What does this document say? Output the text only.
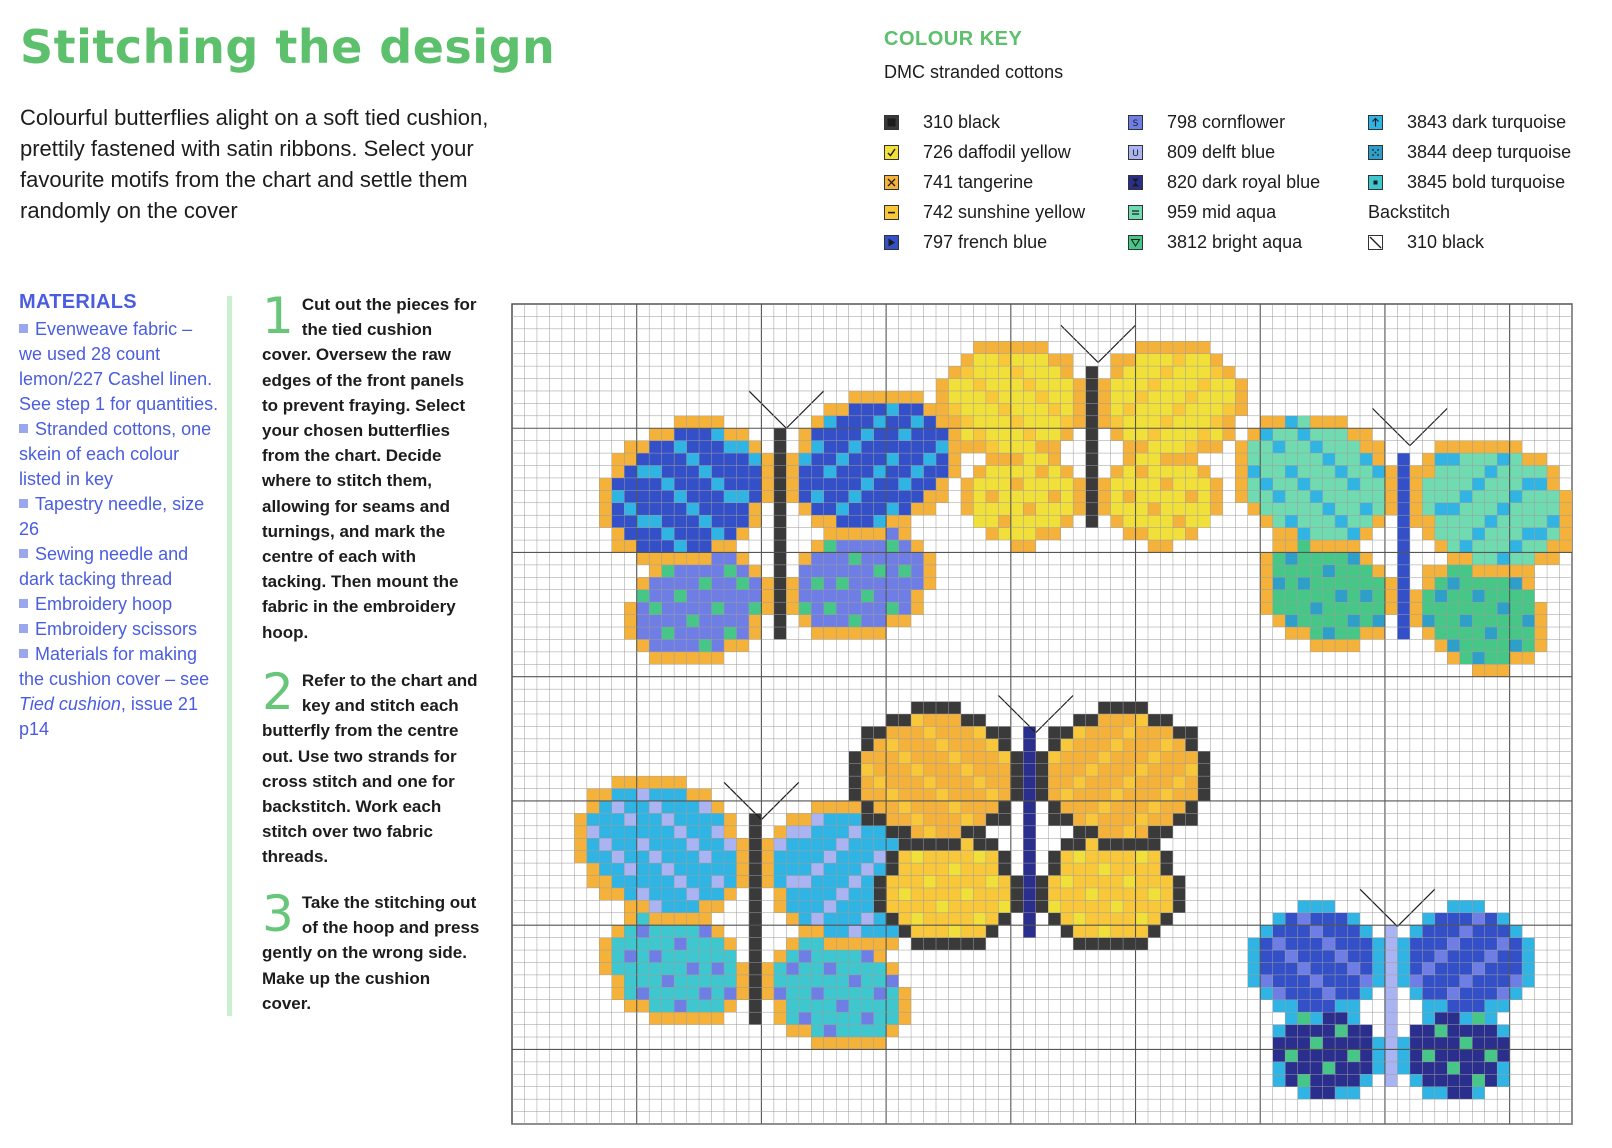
Stitching the design

Colourful butterflies alight on a soft tied cushion, prettily fastened with satin ribbons. Select your favourite motifs from the chart and settle them randomly on the cover

COLOUR KEY

DMC stranded cottons

310 black
726 daffodil yellow
741 tangerine
742 sunshine yellow
797 french blue
S 798 cornflower
U 809 delft blue
820 dark royal blue
959 mid aqua
3812 bright aqua
3843 dark turquoise
3844 deep turquoise
3845 bold turquoise
Backstitch
310 black
MATERIALS

Evenweave fabric – we used 28 count lemon/227 Cashel linen. See step 1 for quantities.

Stranded cottons, one skein of each colour listed in key

Tapestry needle, size 26

Sewing needle and dark tacking thread

Embroidery hoop

Embroidery scissors

Materials for making the cushion cover – see Tied cushion, issue 21 p14

1 Cut out the pieces for the tied cushion cover. Oversew the raw edges of the front panels to prevent fraying. Select your chosen butterflies from the chart. Decide where to stitch them, allowing for seams and turnings, and mark the centre of each with tacking. Then mount the fabric in the embroidery hoop.

2 Refer to the chart and key and stitch each butterfly from the centre out. Use two strands for cross stitch and one for backstitch. Work each stitch over two fabric threads.

3 Take the stitching out of the hoop and press gently on the wrong side. Make up the cushion cover.
